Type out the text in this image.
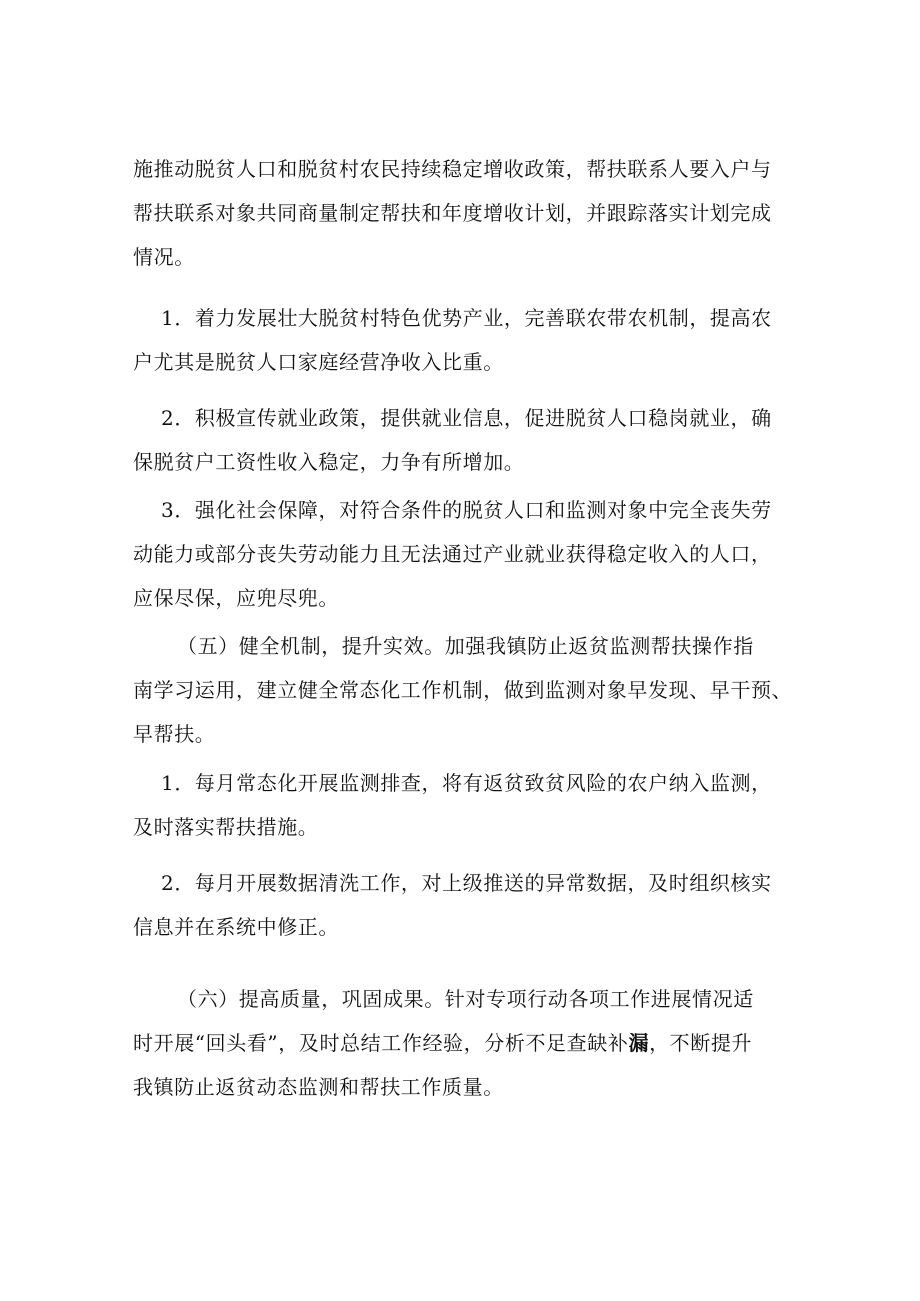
施推动脱贫人口和脱贫村农民持续稳定增收政策，帮扶联系人要入户与
帮扶联系对象共同商量制定帮扶和年度增收计划，并跟踪落实计划完成
情况。
1．着力发展壮大脱贫村特色优势产业，完善联农带农机制，提高农
户尤其是脱贫人口家庭经营净收入比重。
2．积极宣传就业政策，提供就业信息，促进脱贫人口稳岗就业，确
保脱贫户工资性收入稳定，力争有所增加。
3．强化社会保障，对符合条件的脱贫人口和监测对象中完全丧失劳
动能力或部分丧失劳动能力且无法通过产业就业获得稳定收入的人口，
应保尽保，应兜尽兜。
（五）健全机制，提升实效。加强我镇防止返贫监测帮扶操作指
南学习运用，建立健全常态化工作机制，做到监测对象早发现、早干预、
早帮扶。
1．每月常态化开展监测排查，将有返贫致贫风险的农户纳入监测，
及时落实帮扶措施。
2．每月开展数据清洗工作，对上级推送的异常数据，及时组织核实
信息并在系统中修正。
（六）提高质量，巩固成果。针对专项行动各项工作进展情况适
时开展“回头看”，及时总结工作经验，分析不足查缺补漏，不断提升
我镇防止返贫动态监测和帮扶工作质量。
